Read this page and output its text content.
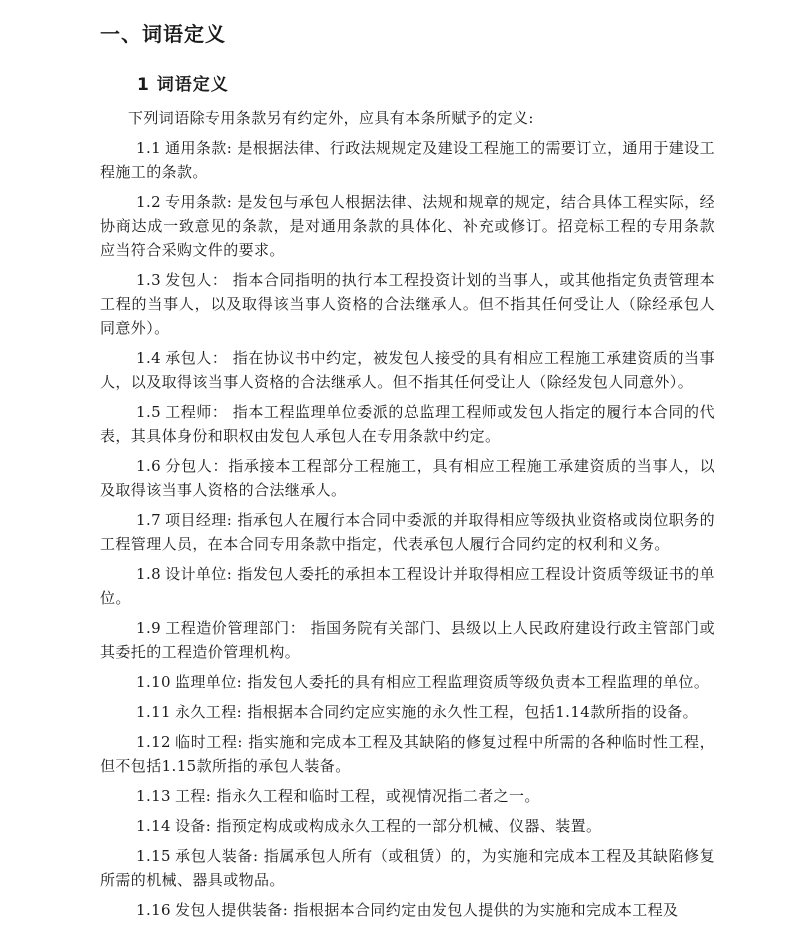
一、词语定义
1 词语定义

下列词语除专用条款另有约定外，应具有本条所赋予的定义:

1.1 通用条款: 是根据法律、行政法规规定及建设工程施工的需要订立，通用于建设工程施工的条款。

1.2 专用条款: 是发包与承包人根据法律、法规和规章的规定，结合具体工程实际，经协商达成一致意见的条款，是对通用条款的具体化、补充或修订。招竞标工程的专用条款应当符合采购文件的要求。

1.3 发包人： 指本合同指明的执行本工程投资计划的当事人，或其他指定负责管理本工程的当事人，以及取得该当事人资格的合法继承人。但不指其任何受让人（除经承包人同意外）。

1.4 承包人： 指在协议书中约定，被发包人接受的具有相应工程施工承建资质的当事人，以及取得该当事人资格的合法继承人。但不指其任何受让人（除经发包人同意外）。

1.5 工程师： 指本工程监理单位委派的总监理工程师或发包人指定的履行本合同的代表，其具体身份和职权由发包人承包人在专用条款中约定。

1.6 分包人：指承接本工程部分工程施工，具有相应工程施工承建资质的当事人，以及取得该当事人资格的合法继承人。

1.7 项目经理: 指承包人在履行本合同中委派的并取得相应等级执业资格或岗位职务的工程管理人员，在本合同专用条款中指定，代表承包人履行合同约定的权利和义务。

1.8 设计单位: 指发包人委托的承担本工程设计并取得相应工程设计资质等级证书的单位。

1.9 工程造价管理部门： 指国务院有关部门、县级以上人民政府建设行政主管部门或其委托的工程造价管理机构。

1.10 监理单位: 指发包人委托的具有相应工程监理资质等级负责本工程监理的单位。

1.11 永久工程: 指根据本合同约定应实施的永久性工程，包括1.14款所指的设备。

1.12 临时工程: 指实施和完成本工程及其缺陷的修复过程中所需的各种临时性工程，但不包括1.15款所指的承包人装备。

1.13 工程: 指永久工程和临时工程，或视情况指二者之一。

1.14 设备: 指预定构成或构成永久工程的一部分机械、仪器、装置。

1.15 承包人装备: 指属承包人所有（或租赁）的，为实施和完成本工程及其缺陷修复所需的机械、器具或物品。

1.16 发包人提供装备: 指根据本合同约定由发包人提供的为实施和完成本工程及
